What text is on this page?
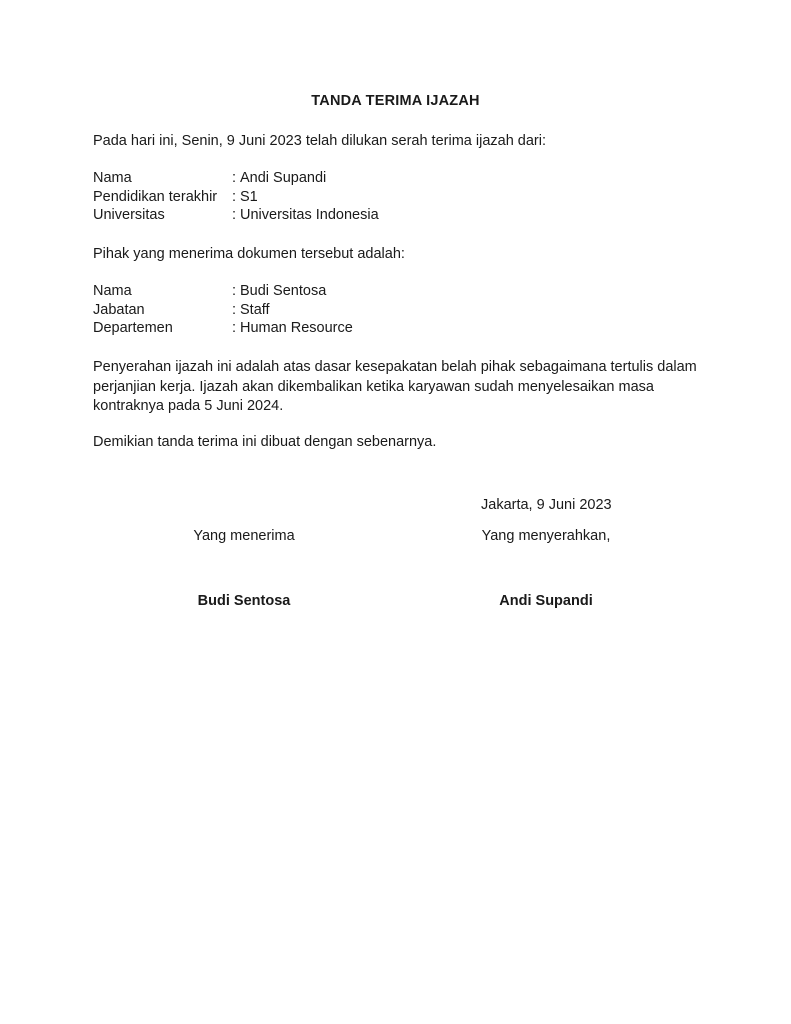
TANDA TERIMA IJAZAH

Pada hari ini, Senin, 9 Juni 2023 telah dilukan serah terima ijazah dari:

Nama	: Andi Supandi
Pendidikan terakhir	: S1
Universitas	: Universitas Indonesia

Pihak yang menerima dokumen tersebut adalah:

Nama	: Budi Sentosa
Jabatan	: Staff
Departemen	: Human Resource
Penyerahan ijazah ini adalah atas dasar kesepakatan belah pihak sebagaimana tertulis dalam
perjanjian kerja. Ijazah akan dikembalikan ketika karyawan sudah menyelesaikan masa
kontraknya pada 5 Juni 2024.

Demikian tanda terima ini dibuat dengan sebenarnya.

Jakarta, 9 Juni 2023
Yang menerima	Yang menyerahkan,
Budi Sentosa	Andi Supandi
